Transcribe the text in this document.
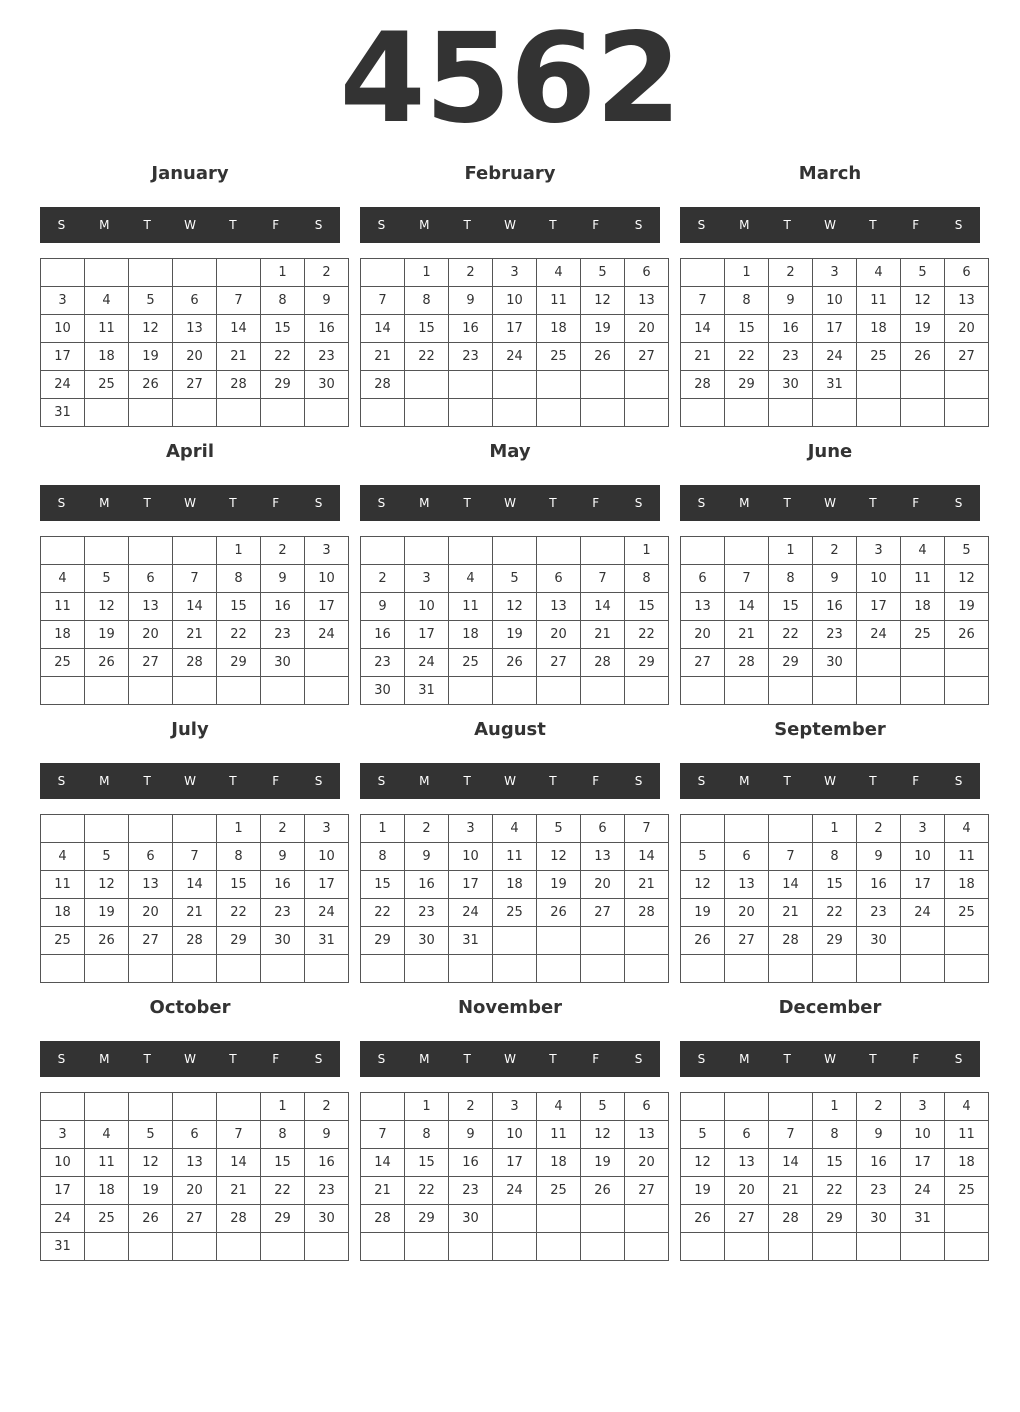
4562
January
S	M	T	W	T	F	S
					1	2
3	4	5	6	7	8	9
10	11	12	13	14	15	16
17	18	19	20	21	22	23
24	25	26	27	28	29	30
31						
February
S	M	T	W	T	F	S
	1	2	3	4	5	6
7	8	9	10	11	12	13
14	15	16	17	18	19	20
21	22	23	24	25	26	27
28						

March
S	M	T	W	T	F	S
	1	2	3	4	5	6
7	8	9	10	11	12	13
14	15	16	17	18	19	20
21	22	23	24	25	26	27
28	29	30	31			

April
S	M	T	W	T	F	S
				1	2	3
4	5	6	7	8	9	10
11	12	13	14	15	16	17
18	19	20	21	22	23	24
25	26	27	28	29	30	

May
S	M	T	W	T	F	S
						1
2	3	4	5	6	7	8
9	10	11	12	13	14	15
16	17	18	19	20	21	22
23	24	25	26	27	28	29
30	31					
June
S	M	T	W	T	F	S
		1	2	3	4	5
6	7	8	9	10	11	12
13	14	15	16	17	18	19
20	21	22	23	24	25	26
27	28	29	30			

July
S	M	T	W	T	F	S
				1	2	3
4	5	6	7	8	9	10
11	12	13	14	15	16	17
18	19	20	21	22	23	24
25	26	27	28	29	30	31

August
S	M	T	W	T	F	S
1	2	3	4	5	6	7
8	9	10	11	12	13	14
15	16	17	18	19	20	21
22	23	24	25	26	27	28
29	30	31				

September
S	M	T	W	T	F	S
			1	2	3	4
5	6	7	8	9	10	11
12	13	14	15	16	17	18
19	20	21	22	23	24	25
26	27	28	29	30		

October
S	M	T	W	T	F	S
					1	2
3	4	5	6	7	8	9
10	11	12	13	14	15	16
17	18	19	20	21	22	23
24	25	26	27	28	29	30
31						
November
S	M	T	W	T	F	S
	1	2	3	4	5	6
7	8	9	10	11	12	13
14	15	16	17	18	19	20
21	22	23	24	25	26	27
28	29	30				

December
S	M	T	W	T	F	S
			1	2	3	4
5	6	7	8	9	10	11
12	13	14	15	16	17	18
19	20	21	22	23	24	25
26	27	28	29	30	31	
